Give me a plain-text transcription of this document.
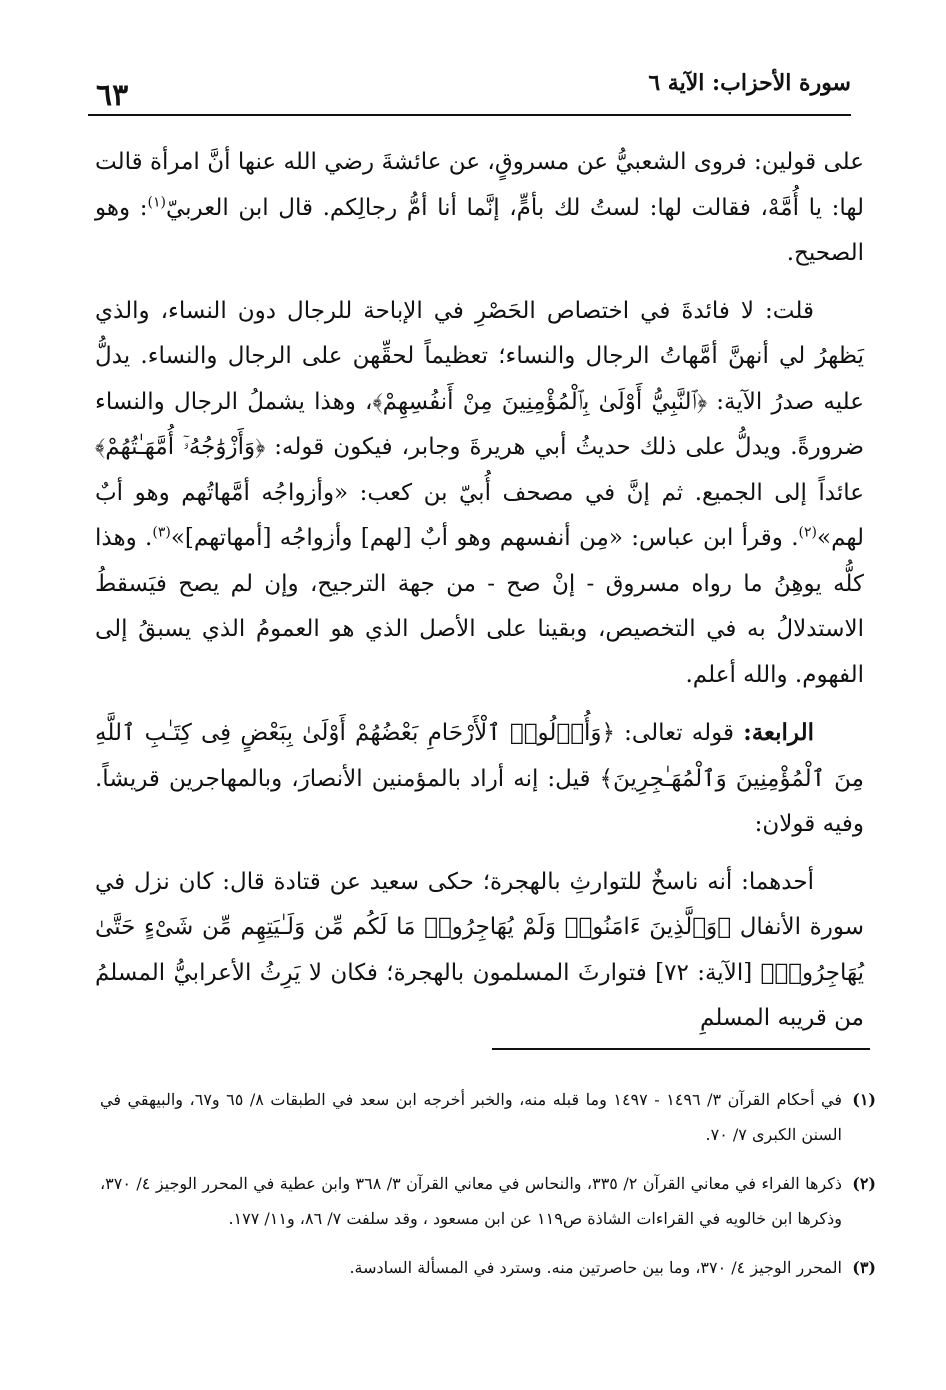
٦٣	سورة الأحزاب: الآية ٦

على قولين: فروى الشعبيُّ عن مسروقٍ، عن عائشةَ رضي الله عنها أنَّ امرأة قالت لها: يا أُمَّهْ، فقالت لها: لستُ لك بأمٍّ، إنَّما أنا أمُّ رجالِكم. قال ابن العربيّ$^{(١)}$: وهو الصحيح.

قلت: لا فائدةَ في اختصاص الحَصْرِ في الإباحة للرجال دون النساء، والذي يَظهرُ لي أنهنَّ أمَّهاتُ الرجال والنساء؛ تعظيماً لحقِّهن على الرجال والنساء. يدلُّ عليه صدرُ الآية: ﴿ٱلنَّبِيُّ أَوْلَىٰ بِٱلْمُؤْمِنِينَ مِنْ أَنفُسِهِمْ﴾، وهذا يشملُ الرجال والنساء ضرورةً. ويدلُّ على ذلك حديثُ أبي هريرةَ وجابر، فيكون قوله: ﴿وَأَزْوَٰجُهُۥٓ أُمَّهَـٰتُهُمْ﴾ عائداً إلى الجميع. ثم إنَّ في مصحف أُبيّ بن كعب: «وأزواجُه أمَّهاتُهم وهو أبٌ لهم»$^{(٢)}$. وقرأ ابن عباس: «مِن أنفسهم وهو أبٌ [لهم] وأزواجُه [أمهاتهم]»$^{(٣)}$. وهذا كلُّه يوهِنُ ما رواه مسروق - إنْ صح - من جهة الترجيح، وإن لم يصح فيَسقطُ الاستدلالُ به في التخصيص، وبقينا على الأصل الذي هو العمومُ الذي يسبقُ إلى الفهوم. والله أعلم.

الرابعة: قوله تعالى: ﴿وَأُو۟لُوا۟ ٱلْأَرْحَامِ بَعْضُهُمْ أَوْلَىٰ بِبَعْضٍ فِى كِتَـٰبِ ٱللَّهِ مِنَ ٱلْمُؤْمِنِينَ وَٱلْمُهَـٰجِرِينَ﴾ قيل: إنه أراد بالمؤمنين الأنصارَ، وبالمهاجرين قريشاً. وفيه قولان:

أحدهما: أنه ناسخٌ للتوارثِ بالهجرة؛ حكى سعيد عن قتادة قال: كان نزل في سورة الأنفال ﴿وَٱلَّذِينَ ءَامَنُوا۟ وَلَمْ يُهَاجِرُوا۟ مَا لَكُم مِّن وَلَـٰيَتِهِم مِّن شَىْءٍ حَتَّىٰ يُهَاجِرُوا۟﴾ [الآية: ٧٢] فتوارثَ المسلمون بالهجرة؛ فكان لا يَرِثُ الأعرابيُّ المسلمُ من قريبه المسلمِ

(١)
في أحكام القرآن ٣/ ١٤٩٦ - ١٤٩٧ وما قبله منه، والخبر أخرجه ابن سعد في الطبقات ٨/ ٦٥ و٦٧، والبيهقي في السنن الكبرى ٧/ ٧٠.
(٢)
ذكرها الفراء في معاني القرآن ٢/ ٣٣٥، والنحاس في معاني القرآن ٣/ ٣٦٨ وابن عطية في المحرر الوجيز ٤/ ٣٧٠، وذكرها ابن خالويه في القراءات الشاذة ص١١٩ عن ابن مسعود ، وقد سلفت ٧/ ٨٦، و١١/ ١٧٧.
(٣)
المحرر الوجيز ٤/ ٣٧٠، وما بين حاصرتين منه. وسترد في المسألة السادسة.
